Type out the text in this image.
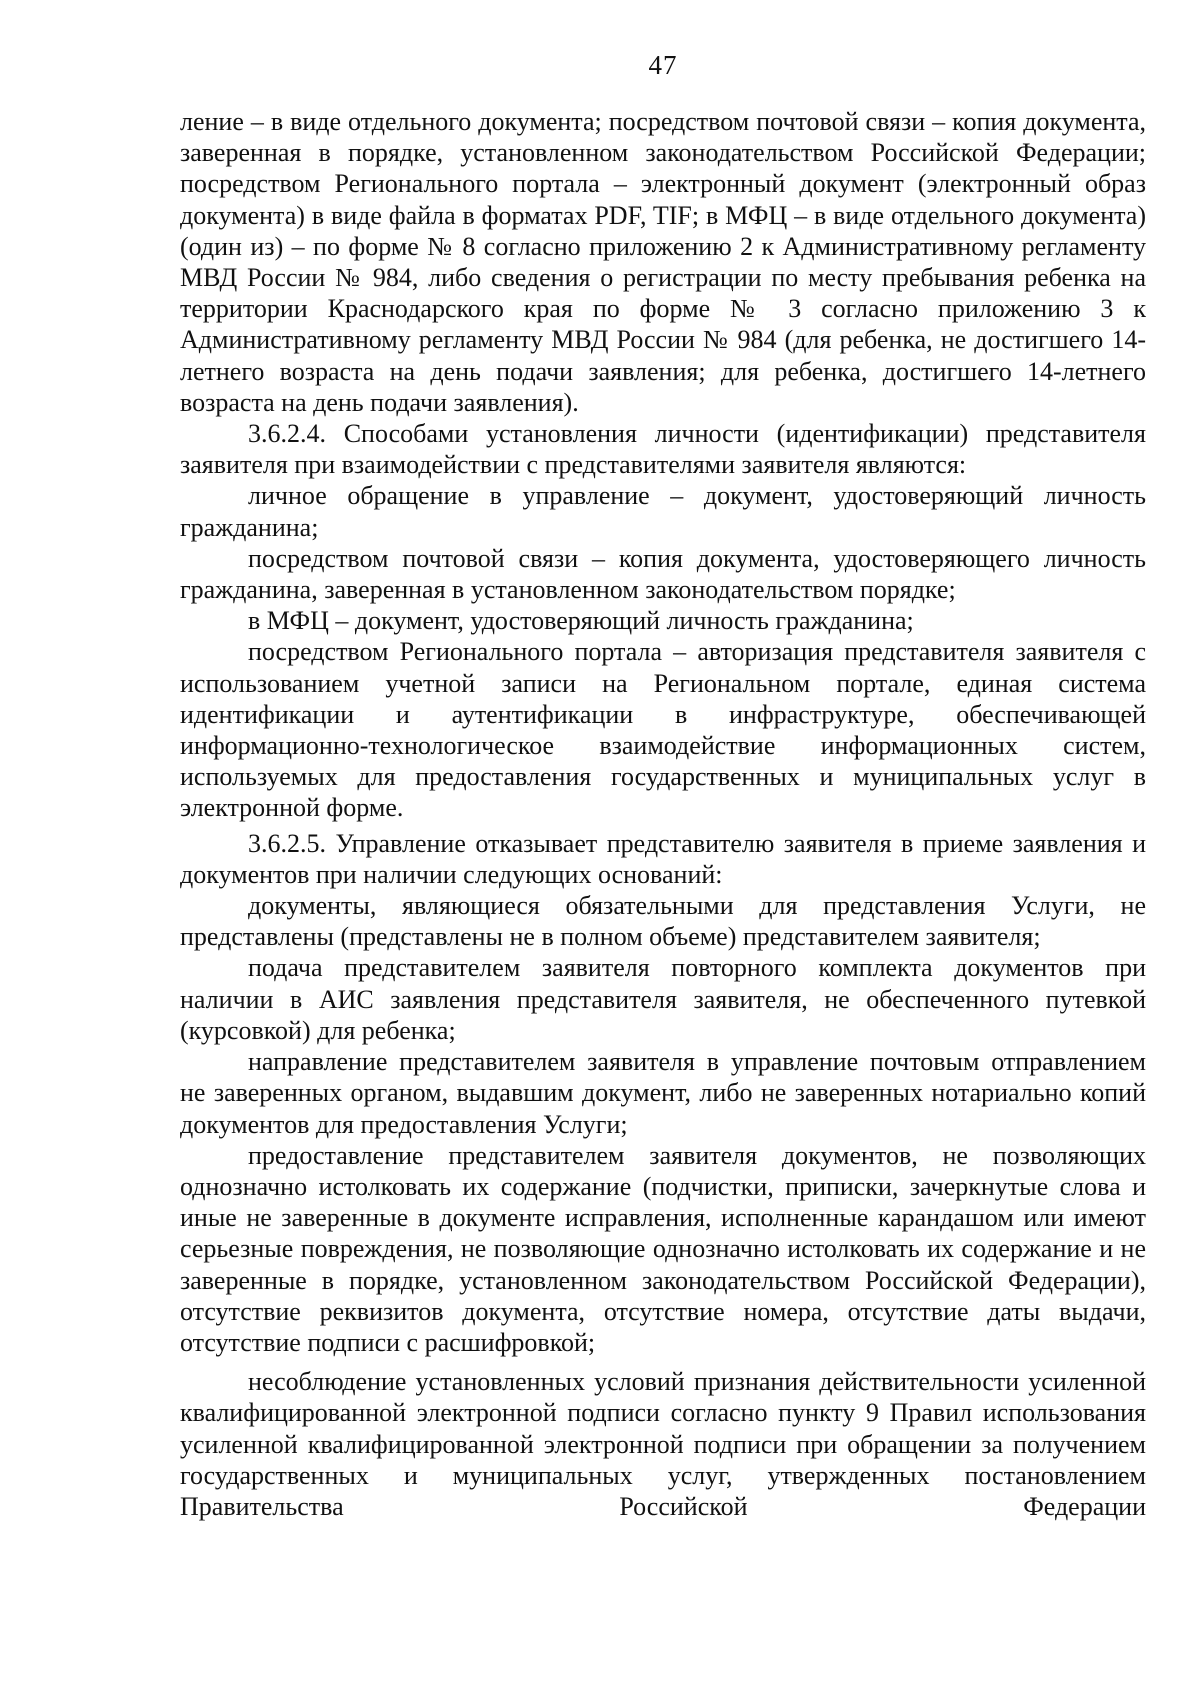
47

ление – в виде отдельного документа; посредством почтовой связи – копия документа, заверенная в порядке, установленном законодательством Российской Федерации; посредством Регионального портала – электронный документ (электронный образ документа) в виде файла в форматах PDF, TIF; в МФЦ – в виде отдельного документа) (один из) – по форме № 8 согласно приложению 2 к Административному регламенту МВД России № 984, либо сведения о регистрации по месту пребывания ребенка на территории Краснодарского края по форме № 3 согласно приложению 3 к Административному регламенту МВД России № 984 (для ребенка, не достигшего 14-летнего возраста на день подачи заявления; для ребенка, достигшего 14-летнего возраста на день подачи заявления).

3.6.2.4. Способами установления личности (идентификации) представителя заявителя при взаимодействии с представителями заявителя являются:

личное обращение в управление – документ, удостоверяющий личность гражданина;

посредством почтовой связи – копия документа, удостоверяющего личность гражданина, заверенная в установленном законодательством порядке;

в МФЦ – документ, удостоверяющий личность гражданина;

посредством Регионального портала – авторизация представителя заявителя с использованием учетной записи на Региональном портале, единая система идентификации и аутентификации в инфраструктуре, обеспечивающей информационно-технологическое взаимодействие информационных систем, используемых для предоставления государственных и муниципальных услуг в электронной форме.

3.6.2.5. Управление отказывает представителю заявителя в приеме заявления и документов при наличии следующих оснований:

документы, являющиеся обязательными для представления Услуги, не представлены (представлены не в полном объеме) представителем заявителя;

подача представителем заявителя повторного комплекта документов при наличии в АИС заявления представителя заявителя, не обеспеченного путевкой (курсовкой) для ребенка;

направление представителем заявителя в управление почтовым отправлением не заверенных органом, выдавшим документ, либо не заверенных нотариально копий документов для предоставления Услуги;

предоставление представителем заявителя документов, не позволяющих однозначно истолковать их содержание (подчистки, приписки, зачеркнутые слова и иные не заверенные в документе исправления, исполненные карандашом или имеют серьезные повреждения, не позволяющие однозначно истолковать их содержание и не заверенные в порядке, установленном законодательством Российской Федерации), отсутствие реквизитов документа, отсутствие номера, отсутствие даты выдачи, отсутствие подписи с расшифровкой;

несоблюдение установленных условий признания действительности усиленной квалифицированной электронной подписи согласно пункту 9 Правил использования усиленной квалифицированной электронной подписи при обращении за получением государственных и муниципальных услуг, утвержденных постановлением Правительства Российской Федерации
